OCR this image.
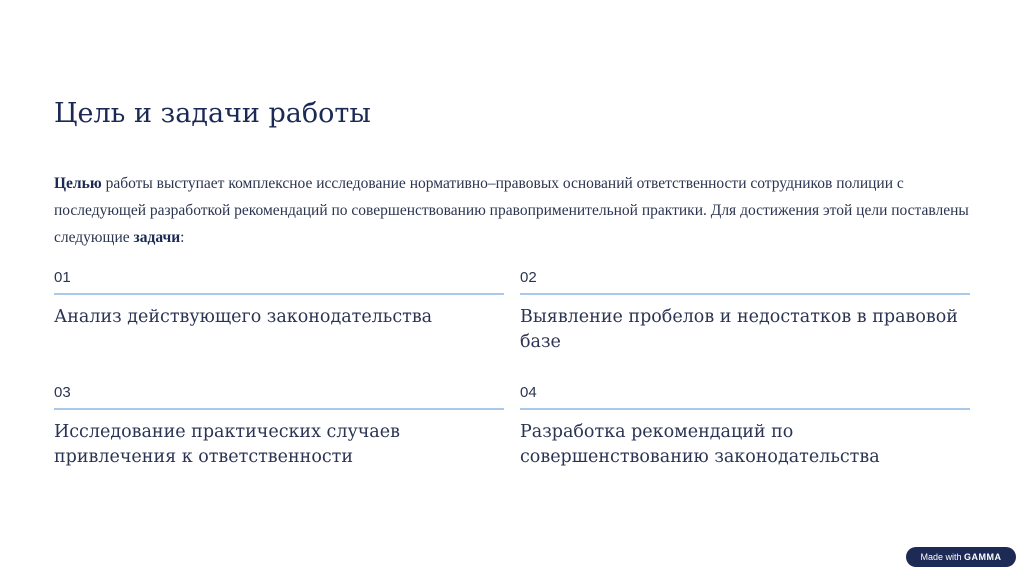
Цель и задачи работы

Целью работы выступает комплексное исследование нормативно–правовых оснований ответственности сотрудников полиции с последующей разработкой рекомендаций по совершенствованию правоприменительной практики. Для достижения этой цели поставлены следующие задачи:

01
Анализ действующего законодательства
02
Выявление пробелов и недостатков в правовой базе
03
Исследование практических случаев привлечения к ответственности
04
Разработка рекомендаций по совершенствованию законодательства
Made with GAMMA
